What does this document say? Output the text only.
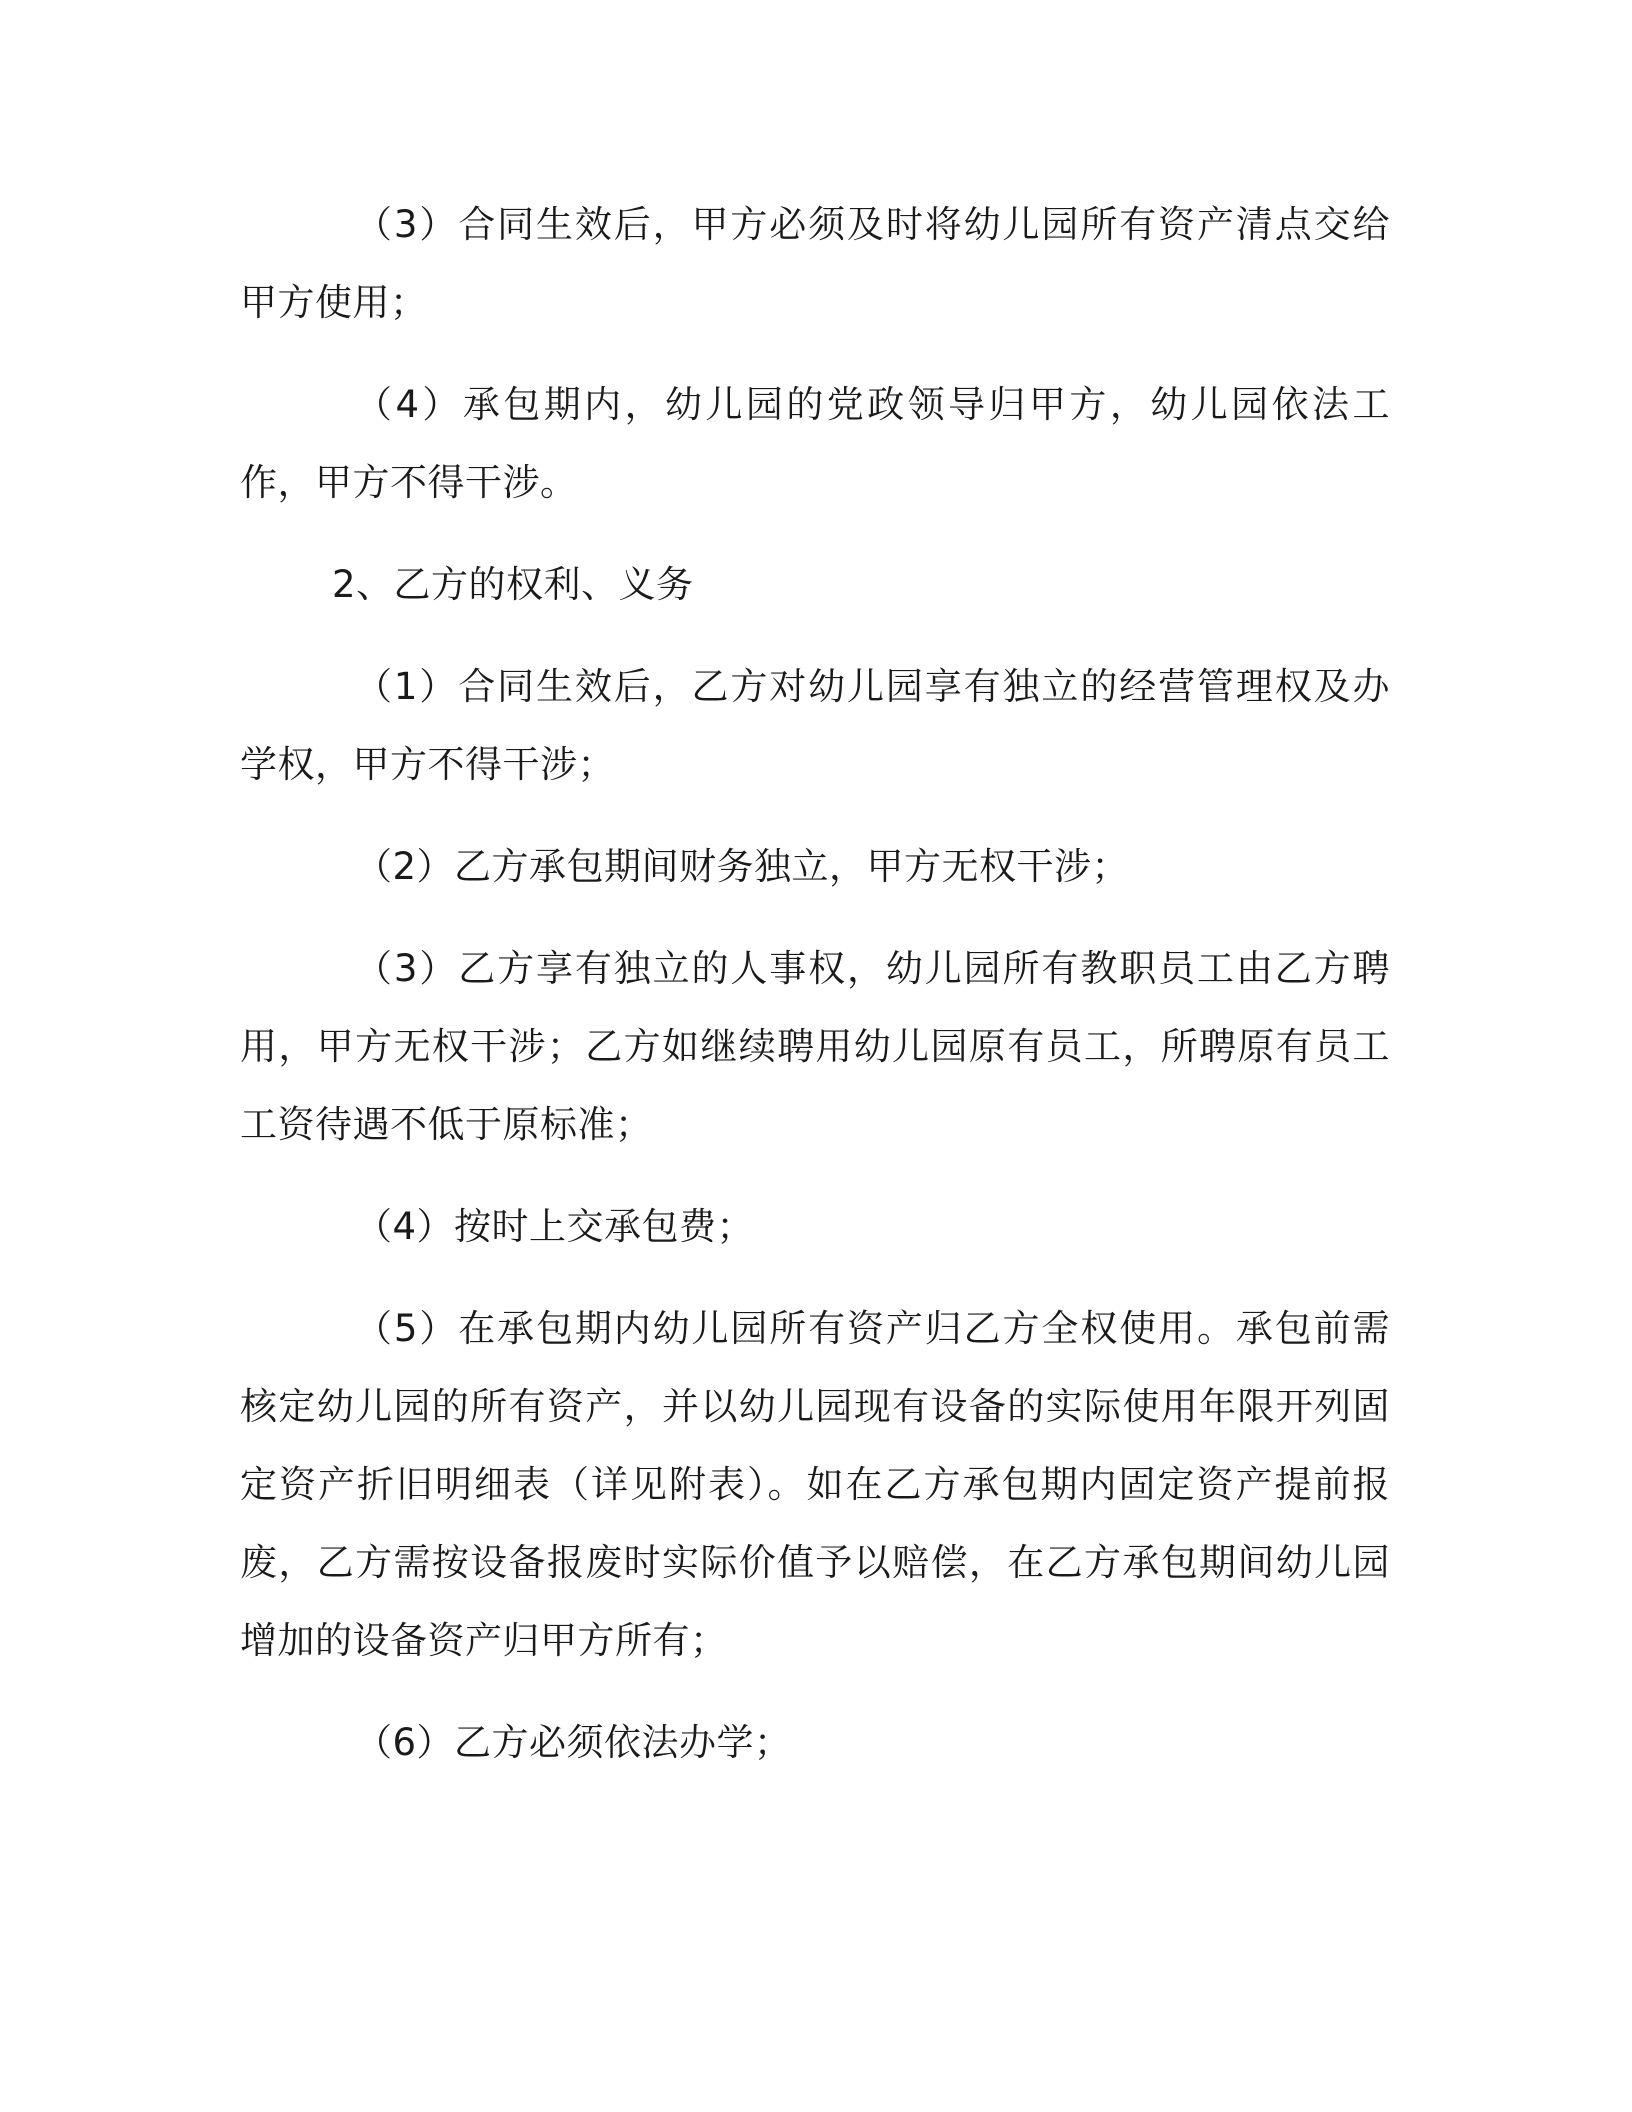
（3）合同生效后，甲方必须及时将幼儿园所有资产清点交给甲方使用；

（4）承包期内，幼儿园的党政领导归甲方，幼儿园依法工作，甲方不得干涉。

2、乙方的权利、义务

（1）合同生效后，乙方对幼儿园享有独立的经营管理权及办学权，甲方不得干涉；

（2）乙方承包期间财务独立，甲方无权干涉；

（3）乙方享有独立的人事权，幼儿园所有教职员工由乙方聘用，甲方无权干涉；乙方如继续聘用幼儿园原有员工，所聘原有员工工资待遇不低于原标准；

（4）按时上交承包费；

（5）在承包期内幼儿园所有资产归乙方全权使用。承包前需核定幼儿园的所有资产，并以幼儿园现有设备的实际使用年限开列固定资产折旧明细表（详见附表）。如在乙方承包期内固定资产提前报废，乙方需按设备报废时实际价值予以赔偿，在乙方承包期间幼儿园增加的设备资产归甲方所有；

（6）乙方必须依法办学；
